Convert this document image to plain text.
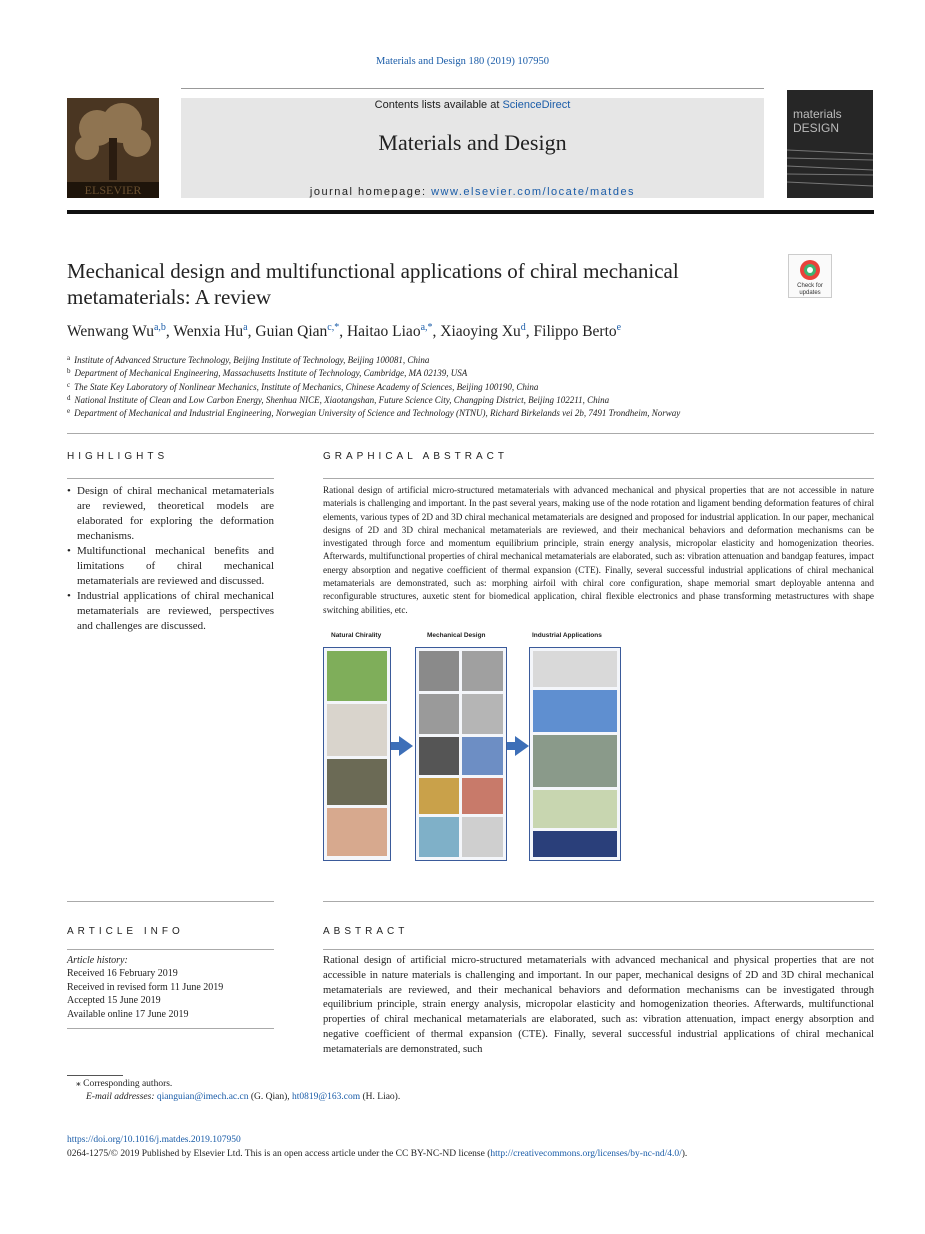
Materials and Design 180 (2019) 107950
ELSEVIER
Contents lists available at ScienceDirect
Materials and Design
journal homepage: www.elsevier.com/locate/matdes
materials
DESIGN
Mechanical design and multifunctional applications of chiral mechanical metamaterials: A review	Check for
updates
Wenwang Wu$^{a,b}$, Wenxia Hu$^a$, Guian Qian$^{c,*}$, Haitao Liao$^{a,*}$, Xiaoying Xu$^d$, Filippo Berto$^e$
$^a$ Institute of Advanced Structure Technology, Beijing Institute of Technology, Beijing 100081, China
$^b$ Department of Mechanical Engineering, Massachusetts Institute of Technology, Cambridge, MA 02139, USA
$^c$ The State Key Laboratory of Nonlinear Mechanics, Institute of Mechanics, Chinese Academy of Sciences, Beijing 100190, China
$^d$ National Institute of Clean and Low Carbon Energy, Shenhua NICE, Xiaotangshan, Future Science City, Changping District, Beijing 102211, China
$^e$ Department of Mechanical and Industrial Engineering, Norwegian University of Science and Technology (NTNU), Richard Birkelands vei 2b, 7491 Trondheim, Norway
HIGHLIGHTS
• Design of chiral mechanical metamaterials are reviewed, theoretical models are elaborated for exploring the deformation mechanisms.
• Multifunctional mechanical benefits and limitations of chiral mechanical metamaterials are reviewed and discussed.
• Industrial applications of chiral mechanical metamaterials are reviewed, perspectives and challenges are discussed.
GRAPHICAL ABSTRACT
Rational design of artificial micro-structured metamaterials with advanced mechanical and physical properties that are not accessible in nature materials is challenging and important. In the past several years, making use of the node rotation and ligament bending deformation features of chiral elements, various types of 2D and 3D chiral mechanical metamaterials are designed and proposed for industrial application. In our paper, mechanical designs of 2D and 3D chiral mechanical metamaterials are reviewed, and their mechanical behaviors and deformation mechanisms can be investigated through force and momentum equilibrium principle, strain energy analysis, micropolar elasticity and homogenization theories. Afterwards, multifunctional properties of chiral mechanical metamaterials are elaborated, such as: vibration attenuation and bandgap features, impact energy absorption and negative coefficient of thermal expansion (CTE). Finally, several successful industrial applications of chiral mechanical metamaterials are demonstrated, such as: morphing airfoil with chiral core configuration, shape memorial smart deployable antenna and reconfigurable structures, auxetic stent for biomedical application, chiral flexible electronics and phase transforming metastructures with shape switching abilities, etc.
Natural Chirality	Mechanical Design	Industrial Applications
ARTICLE INFO
Article history:
Received 16 February 2019
Received in revised form 11 June 2019
Accepted 15 June 2019
Available online 17 June 2019
ABSTRACT
Rational design of artificial micro-structured metamaterials with advanced mechanical and physical properties that are not accessible in nature materials is challenging and important. In our paper, mechanical designs of 2D and 3D chiral mechanical metamaterials are reviewed, and their mechanical behaviors and deformation mechanisms can be investigated through equilibrium principle, strain energy analysis, micropolar elasticity and homogenization theories. Afterwards, multifunctional properties of chiral mechanical metamaterials are elaborated, such as: vibration attenuation, impact energy absorption and negative coefficient of thermal expansion (CTE). Finally, several successful industrial applications of chiral mechanical metamaterials are demonstrated, such
⁎ Corresponding authors.
E-mail addresses: qianguian@imech.ac.cn (G. Qian), ht0819@163.com (H. Liao).
https://doi.org/10.1016/j.matdes.2019.107950
0264-1275/© 2019 Published by Elsevier Ltd. This is an open access article under the CC BY-NC-ND license (http://creativecommons.org/licenses/by-nc-nd/4.0/).
